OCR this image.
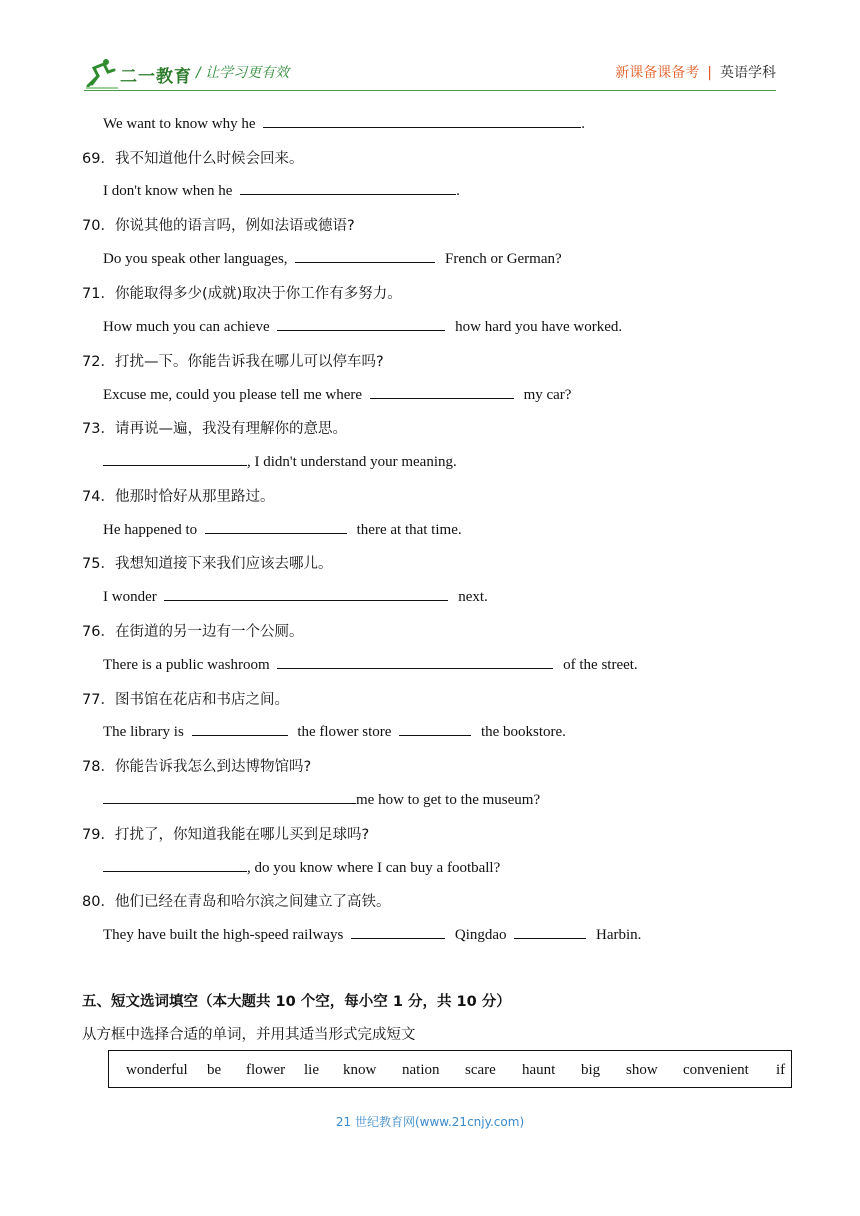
二一教育 / 让学习更有效	新课备课备考 | 英语学科
We want to know why he	.
69．我不知道他什么时候会回来。
I don't know when he	.
70．你说其他的语言吗，例如法语或德语?
Do you speak other languages,	French or German?
71．你能取得多少(成就)取决于你工作有多努力。
How much you can achieve	how hard you have worked.
72．打扰—下。你能告诉我在哪儿可以停车吗?
Excuse me, could you please tell me where	my car?
73．请再说—遍，我没有理解你的意思。
, I didn't understand your meaning.
74．他那时恰好从那里路过。
He happened to	there at that time.
75．我想知道接下来我们应该去哪儿。
I wonder	next.
76．在街道的另一边有一个公厕。
There is a public washroom	of the street.
77．图书馆在花店和书店之间。
The library is	the flower store	the bookstore.
78．你能告诉我怎么到达博物馆吗?
me how to get to the museum?
79．打扰了，你知道我能在哪儿买到足球吗?
, do you know where I can buy a football?
80．他们已经在青岛和哈尔滨之间建立了高铁。
They have built the high-speed railways	Qingdao	Harbin.
五、短文选词填空（本大题共 10 个空，每小空 1 分，共 10 分）
从方框中选择合适的单词，并用其适当形式完成短文
wonderful be flower lie know nation scare haunt big show convenient if
21 世纪教育网(www.21cnjy.com)
